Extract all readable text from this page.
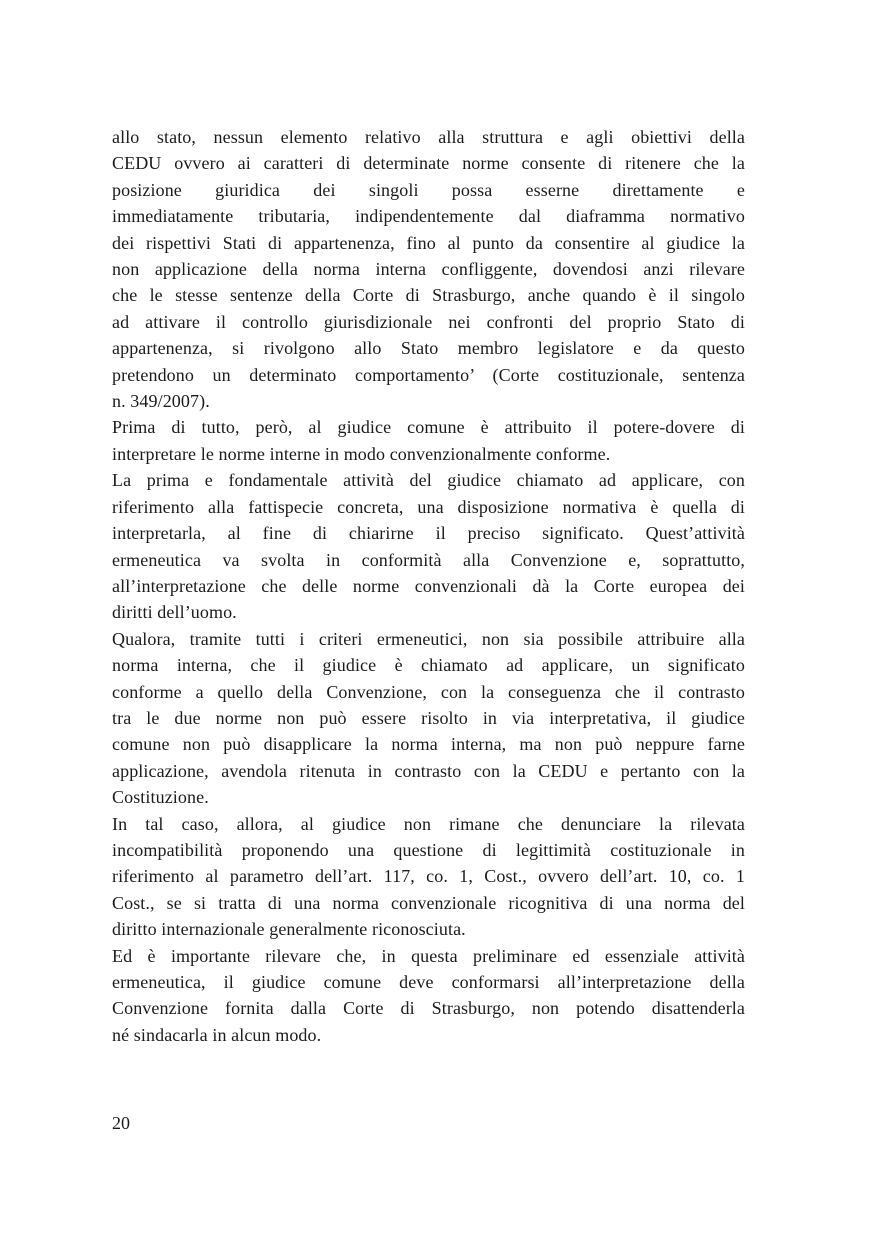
allo stato, nessun elemento relativo alla struttura e agli obiettivi della
CEDU ovvero ai caratteri di determinate norme consente di ritenere che la
posizione giuridica dei singoli possa esserne direttamente e
immediatamente tributaria, indipendentemente dal diaframma normativo
dei rispettivi Stati di appartenenza, fino al punto da consentire al giudice la
non applicazione della norma interna confliggente, dovendosi anzi rilevare
che le stesse sentenze della Corte di Strasburgo, anche quando è il singolo
ad attivare il controllo giurisdizionale nei confronti del proprio Stato di
appartenenza, si rivolgono allo Stato membro legislatore e da questo
pretendono un determinato comportamento’ (Corte costituzionale, sentenza
n. 349/2007).
Prima di tutto, però, al giudice comune è attribuito il potere-dovere di
interpretare le norme interne in modo convenzionalmente conforme.
La prima e fondamentale attività del giudice chiamato ad applicare, con
riferimento alla fattispecie concreta, una disposizione normativa è quella di
interpretarla, al fine di chiarirne il preciso significato. Quest’attività
ermeneutica va svolta in conformità alla Convenzione e, soprattutto,
all’interpretazione che delle norme convenzionali dà la Corte europea dei
diritti dell’uomo.
Qualora, tramite tutti i criteri ermeneutici, non sia possibile attribuire alla
norma interna, che il giudice è chiamato ad applicare, un significato
conforme a quello della Convenzione, con la conseguenza che il contrasto
tra le due norme non può essere risolto in via interpretativa, il giudice
comune non può disapplicare la norma interna, ma non può neppure farne
applicazione, avendola ritenuta in contrasto con la CEDU e pertanto con la
Costituzione.
In tal caso, allora, al giudice non rimane che denunciare la rilevata
incompatibilità proponendo una questione di legittimità costituzionale in
riferimento al parametro dell’art. 117, co. 1, Cost., ovvero dell’art. 10, co. 1
Cost., se si tratta di una norma convenzionale ricognitiva di una norma del
diritto internazionale generalmente riconosciuta.
Ed è importante rilevare che, in questa preliminare ed essenziale attività
ermeneutica, il giudice comune deve conformarsi all’interpretazione della
Convenzione fornita dalla Corte di Strasburgo, non potendo disattenderla
né sindacarla in alcun modo.
20
